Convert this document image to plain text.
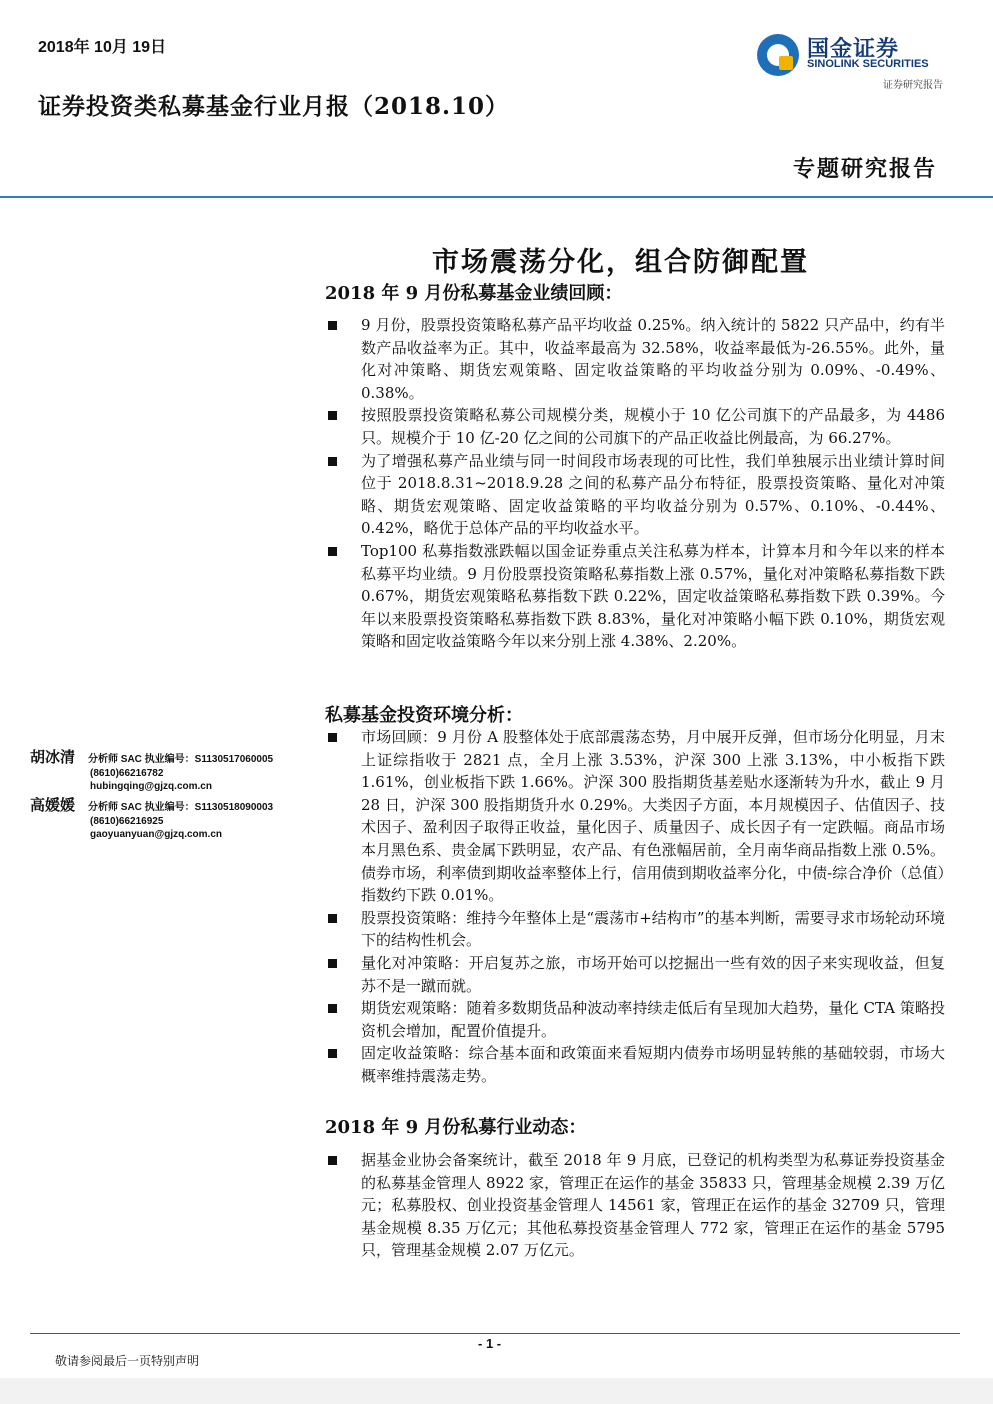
2018年 10月 19日
证券投资类私募基金行业月报（2018.10）
国金证券
SINOLINK SECURITIES
证券研究报告
专题研究报告
市场震荡分化，组合防御配置
2018 年 9 月份私募基金业绩回顾：
9 月份，股票投资策略私募产品平均收益 0.25%。纳入统计的 5822 只产品中，约有半数产品收益率为正。其中，收益率最高为 32.58%，收益率最低为-26.55%。此外，量化对冲策略、期货宏观策略、固定收益策略的平均收益分别为 0.09%、-0.49%、0.38%。
按照股票投资策略私募公司规模分类，规模小于 10 亿公司旗下的产品最多，为 4486 只。规模介于 10 亿-20 亿之间的公司旗下的产品正收益比例最高，为 66.27%。
为了增强私募产品业绩与同一时间段市场表现的可比性，我们单独展示出业绩计算时间位于 2018.8.31~2018.9.28 之间的私募产品分布特征，股票投资策略、量化对冲策略、期货宏观策略、固定收益策略的平均收益分别为 0.57%、0.10%、-0.44%、0.42%，略优于总体产品的平均收益水平。
Top100 私募指数涨跌幅以国金证券重点关注私募为样本，计算本月和今年以来的样本私募平均业绩。9 月份股票投资策略私募指数上涨 0.57%，量化对冲策略私募指数下跌 0.67%，期货宏观策略私募指数下跌 0.22%，固定收益策略私募指数下跌 0.39%。今年以来股票投资策略私募指数下跌 8.83%，量化对冲策略小幅下跌 0.10%，期货宏观策略和固定收益策略今年以来分别上涨 4.38%、2.20%。
私募基金投资环境分析：
市场回顾：9 月份 A 股整体处于底部震荡态势，月中展开反弹，但市场分化明显，月末上证综指收于 2821 点，全月上涨 3.53%，沪深 300 上涨 3.13%，中小板指下跌 1.61%，创业板指下跌 1.66%。沪深 300 股指期货基差贴水逐渐转为升水，截止 9 月 28 日，沪深 300 股指期货升水 0.29%。大类因子方面，本月规模因子、估值因子、技术因子、盈利因子取得正收益，量化因子、质量因子、成长因子有一定跌幅。商品市场本月黑色系、贵金属下跌明显，农产品、有色涨幅居前，全月南华商品指数上涨 0.5%。债券市场，利率债到期收益率整体上行，信用债到期收益率分化，中债-综合净价（总值）指数约下跌 0.01%。
股票投资策略：维持今年整体上是“震荡市+结构市”的基本判断，需要寻求市场轮动环境下的结构性机会。
量化对冲策略：开启复苏之旅，市场开始可以挖掘出一些有效的因子来实现收益，但复苏不是一蹴而就。
期货宏观策略：随着多数期货品种波动率持续走低后有呈现加大趋势，量化 CTA 策略投资机会增加，配置价值提升。
固定收益策略：综合基本面和政策面来看短期内债券市场明显转熊的基础较弱，市场大概率维持震荡走势。
2018 年 9 月份私募行业动态：
据基金业协会备案统计，截至 2018 年 9 月底，已登记的机构类型为私募证券投资基金的私募基金管理人 8922 家，管理正在运作的基金 35833 只，管理基金规模 2.39 万亿元；私募股权、创业投资基金管理人 14561 家，管理正在运作的基金 32709 只，管理基金规模 8.35 万亿元；其他私募投资基金管理人 772 家，管理正在运作的基金 5795 只，管理基金规模 2.07 万亿元。
胡冰清 分析师 SAC 执业编号：S1130517060005
(8610)66216782
hubingqing@gjzq.com.cn
高媛媛 分析师 SAC 执业编号：S1130518090003
(8610)66216925
gaoyuanyuan@gjzq.com.cn
- 1 -
敬请参阅最后一页特别声明
